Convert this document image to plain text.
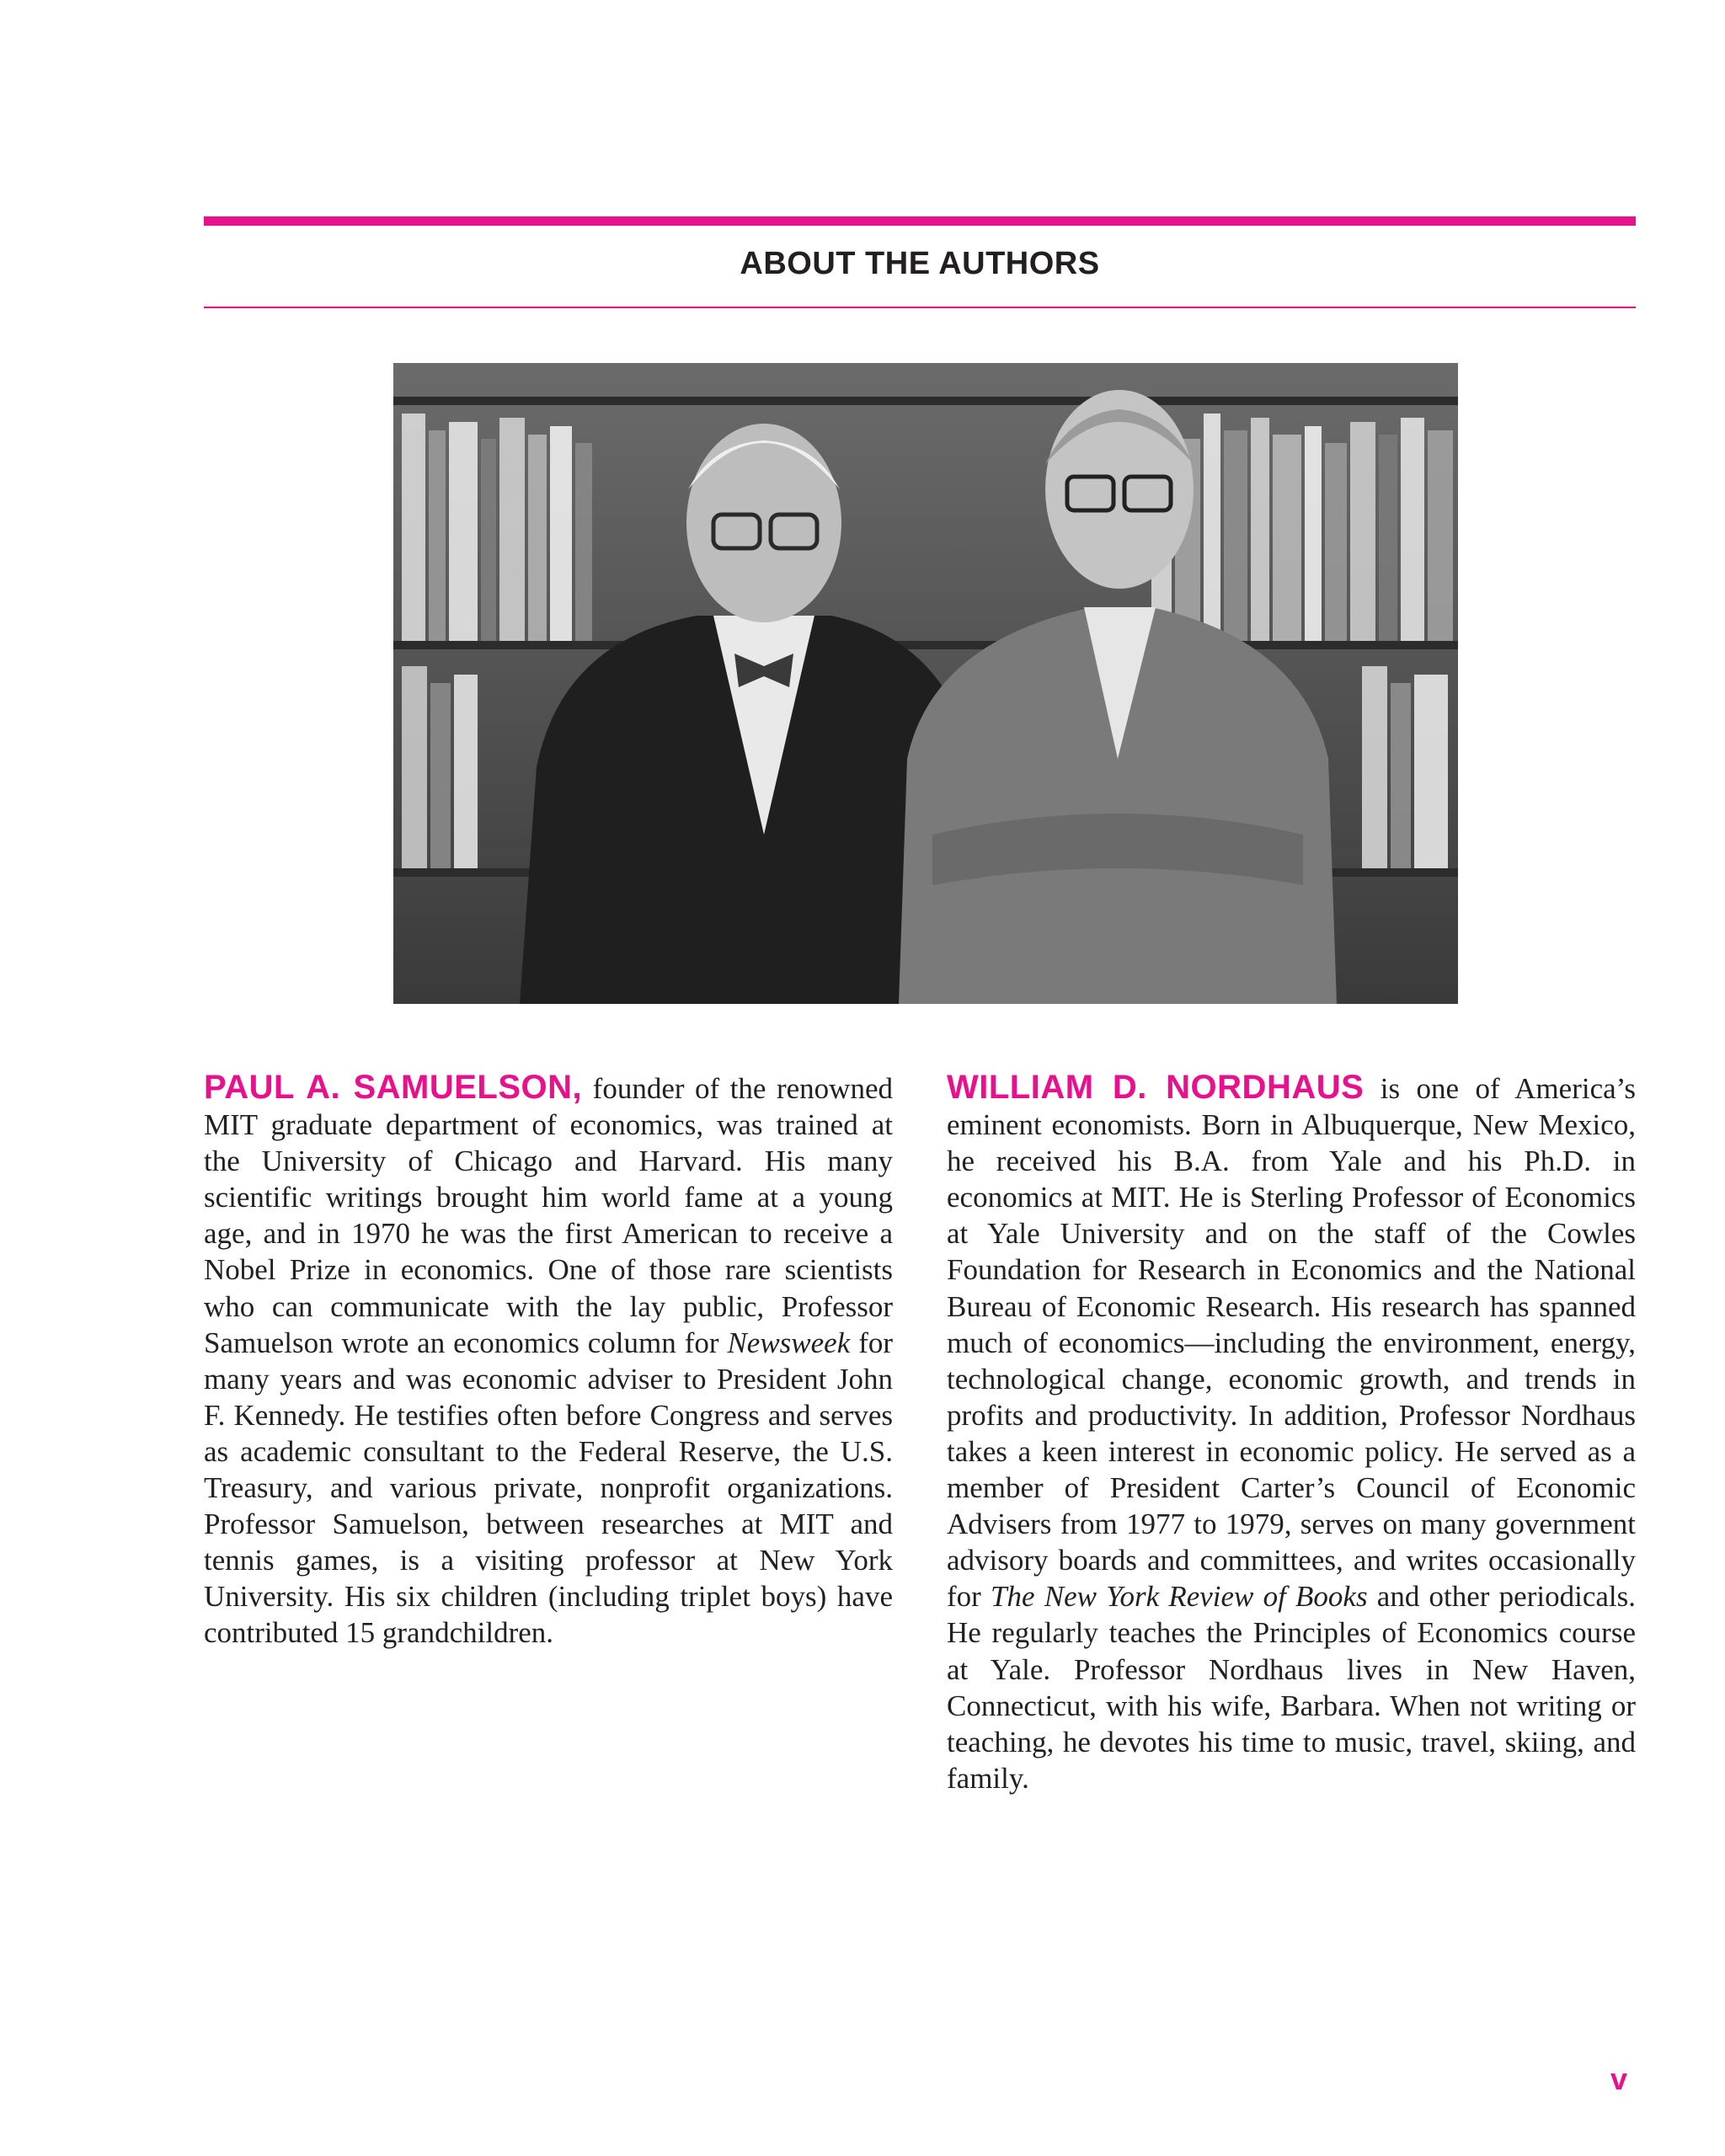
ABOUT THE AUTHORS
PAUL A. SAMUELSON, founder of the renowned MIT graduate department of economics, was trained at the University of Chicago and Harvard. His many scientific writings brought him world fame at a young age, and in 1970 he was the first American to receive a Nobel Prize in economics. One of those rare scientists who can communicate with the lay public, Professor Samuelson wrote an economics column for Newsweek for many years and was economic adviser to President John F. Kennedy. He testifies often before Congress and serves as academic consultant to the Federal Reserve, the U.S. Treasury, and various private, nonprofit organizations. Professor Samuelson, between researches at MIT and tennis games, is a visiting professor at New York University. His six children (including triplet boys) have contributed 15 grandchildren.
WILLIAM D. NORDHAUS is one of America’s eminent economists. Born in Albuquerque, New Mexico, he received his B.A. from Yale and his Ph.D. in economics at MIT. He is Sterling Professor of Economics at Yale University and on the staff of the Cowles Foundation for Research in Economics and the National Bureau of Economic Research. His research has spanned much of economics—including the environment, energy, technological change, economic growth, and trends in profits and productivity. In addition, Professor Nordhaus takes a keen interest in economic policy. He served as a member of President Carter’s Council of Economic Advisers from 1977 to 1979, serves on many government advisory boards and committees, and writes occasionally for The New York Review of Books and other periodicals. He regularly teaches the Principles of Economics course at Yale. Professor Nordhaus lives in New Haven, Connecticut, with his wife, Barbara. When not writing or teaching, he devotes his time to music, travel, skiing, and family.
v
